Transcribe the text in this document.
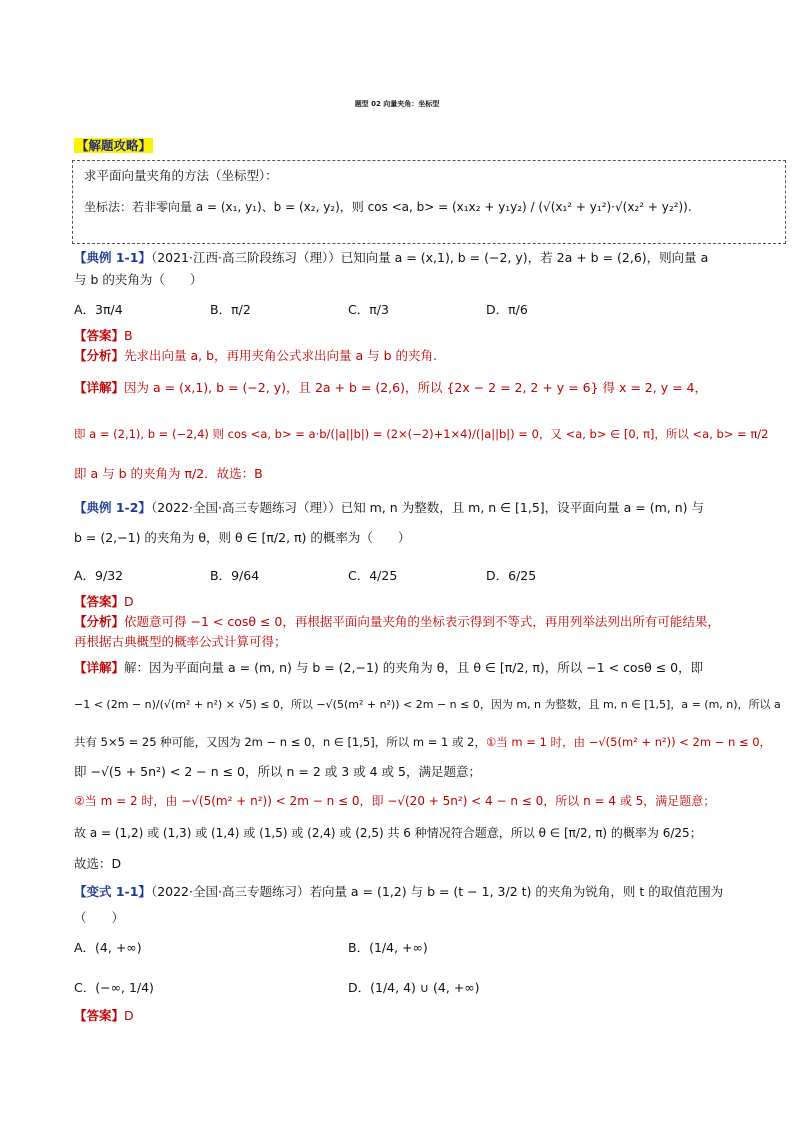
题型 02 向量夹角：坐标型
【解题攻略】
求平面向量夹角的方法（坐标型）：
坐标法：若非零向量 a = (x₁, y₁)、b = (x₂, y₂)，则 cos <a, b> = (x₁x₂ + y₁y₂) / (√(x₁² + y₁²)·√(x₂² + y₂²)).
【典例 1-1】（2021·江西·高三阶段练习（理））已知向量 a = (x,1), b = (−2, y)，若 2a + b = (2,6)，则向量 a
与 b 的夹角为（　　）
A．3π/4	B．π/2	C．π/3	D．π/6
【答案】B
【分析】先求出向量 a, b，再用夹角公式求出向量 a 与 b 的夹角.
【详解】因为 a = (x,1), b = (−2, y)，且 2a + b = (2,6)，所以 {2x − 2 = 2, 2 + y = 6} 得 x = 2, y = 4，
即 a = (2,1), b = (−2,4) 则 cos <a, b> = a·b/(|a||b|) = (2×(−2)+1×4)/(|a||b|) = 0，又 <a, b> ∈ [0, π]，所以 <a, b> = π/2
即 a 与 b 的夹角为 π/2．故选：B
【典例 1-2】（2022·全国·高三专题练习（理））已知 m, n 为整数，且 m, n ∈ [1,5]，设平面向量 a = (m, n) 与
b = (2,−1) 的夹角为 θ，则 θ ∈ [π/2, π) 的概率为（　　）
A．9/32	B．9/64	C．4/25	D．6/25
【答案】D
【分析】依题意可得 −1 < cosθ ≤ 0，再根据平面向量夹角的坐标表示得到不等式，再用列举法列出所有可能结果，
再根据古典概型的概率公式计算可得；
【详解】解：因为平面向量 a = (m, n) 与 b = (2,−1) 的夹角为 θ，且 θ ∈ [π/2, π)，所以 −1 < cosθ ≤ 0，即
−1 < (2m − n)/(√(m² + n²) × √5) ≤ 0，所以 −√(5(m² + n²)) < 2m − n ≤ 0，因为 m, n 为整数，且 m, n ∈ [1,5]，a = (m, n)，所以 a
共有 5×5 = 25 种可能，又因为 2m − n ≤ 0，n ∈ [1,5]，所以 m = 1 或 2，①当 m = 1 时，由 −√(5(m² + n²)) < 2m − n ≤ 0，
即 −√(5 + 5n²) < 2 − n ≤ 0，所以 n = 2 或 3 或 4 或 5，满足题意；
②当 m = 2 时，由 −√(5(m² + n²)) < 2m − n ≤ 0，即 −√(20 + 5n²) < 4 − n ≤ 0，所以 n = 4 或 5，满足题意；
故 a = (1,2) 或 (1,3) 或 (1,4) 或 (1,5) 或 (2,4) 或 (2,5) 共 6 种情况符合题意，所以 θ ∈ [π/2, π) 的概率为 6/25；
故选：D
【变式 1-1】（2022·全国·高三专题练习）若向量 a = (1,2) 与 b = (t − 1, 3/2 t) 的夹角为锐角，则 t 的取值范围为
（　　）
A．(4, +∞)	B．(1/4, +∞)
C．(−∞, 1/4)	D．(1/4, 4) ∪ (4, +∞)
【答案】D
